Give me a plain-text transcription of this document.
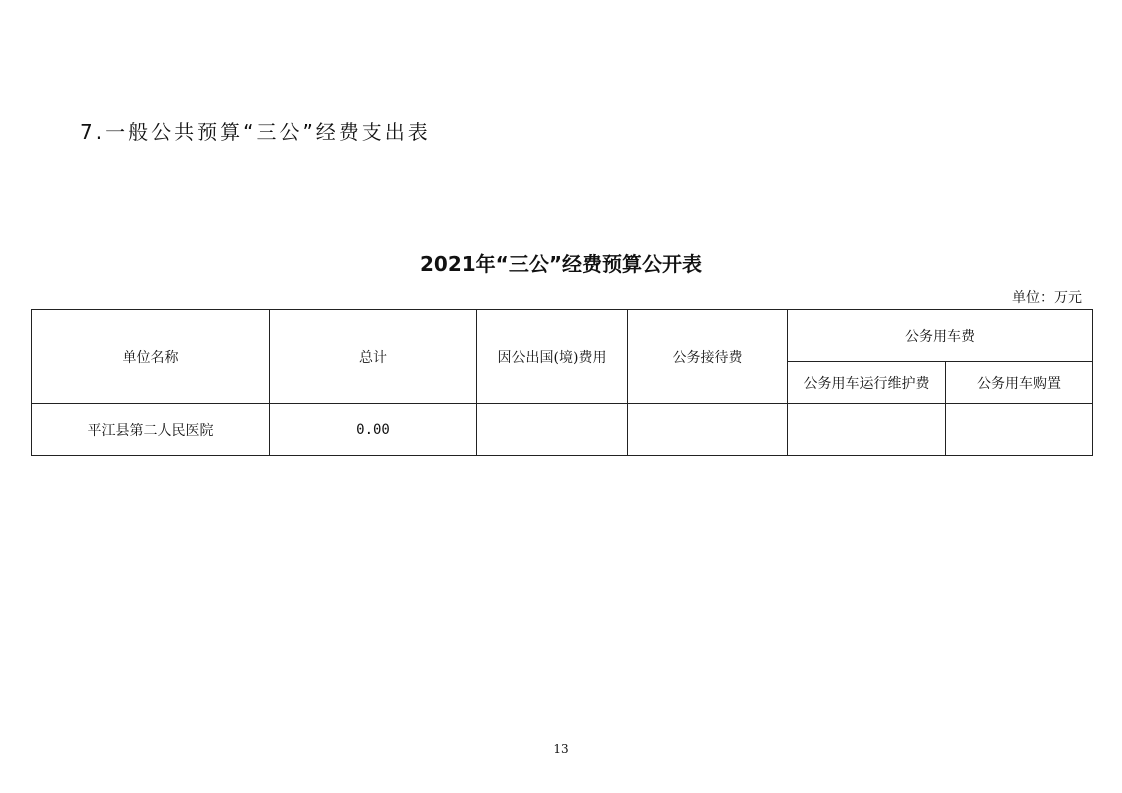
7.一般公共预算“三公”经费支出表
2021年“三公”经费预算公开表
单位：万元
单位名称	总计	因公出国(境)费用	公务接待费	公务用车费	
				公务用车运行维护费	公务用车购置
平江县第二人民医院	0.00				
13
